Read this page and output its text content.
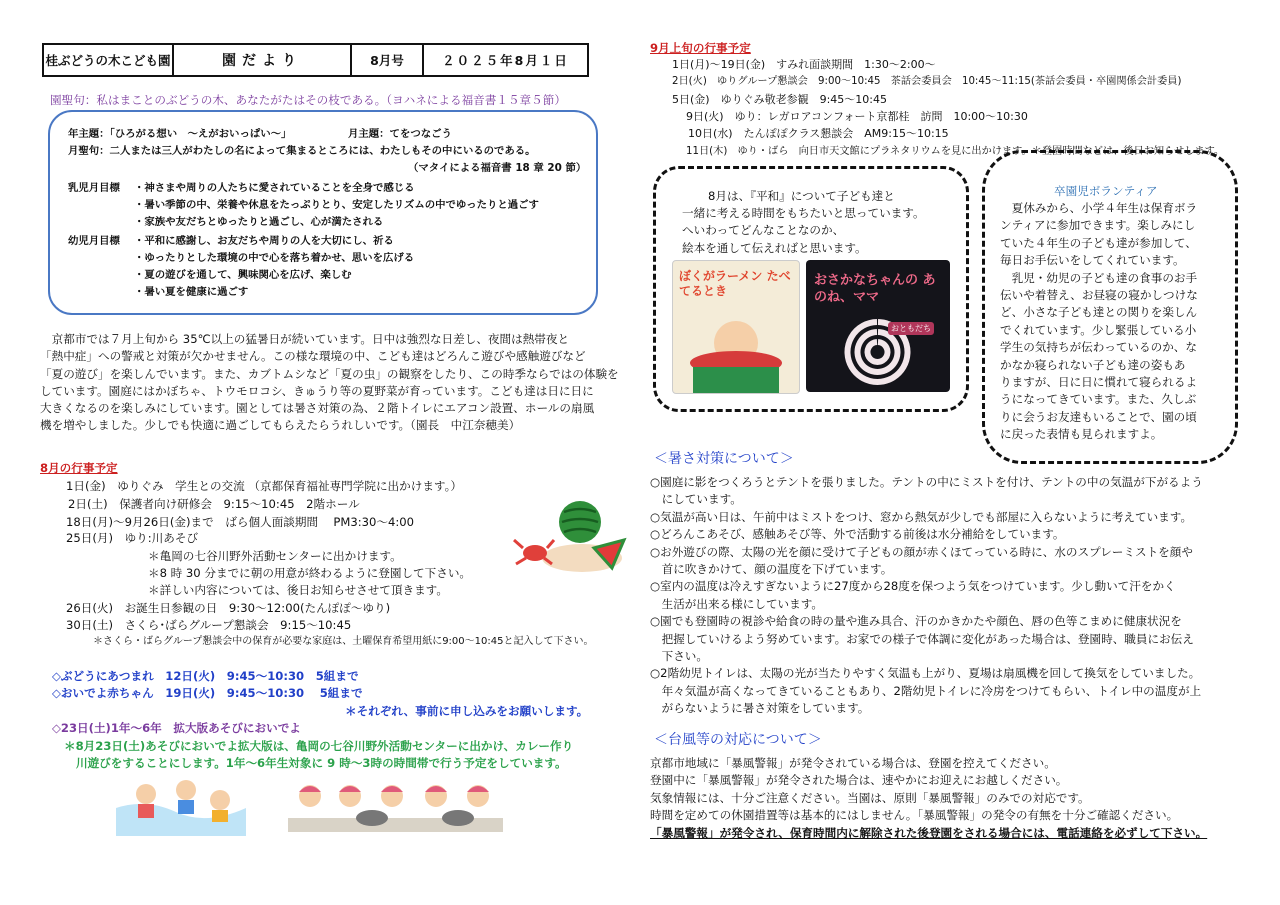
桂ぶどうの木こども園	園だより	8月号	２０２５年8月１日
園聖句：私はまことのぶどうの木、あなたがたはその枝である。（ヨハネによる福音書１５章５節）
年主題：「ひろがる想い　～えがおいっぱい～」	月主題：てをつなごう
月聖句：二人または三人がわたしの名によって集まるところには、わたしもその中にいるのである。
（マタイによる福音書 18 章 20 節）
乳児月目標 ・神さまや周りの人たちに愛されていることを全身で感じる
・暑い季節の中、栄養や休息をたっぷりとり、安定したリズムの中でゆったりと過ごす
・家族や友だちとゆったりと過ごし、心が満たされる
幼児月目標 ・平和に感謝し、お友だちや周りの人を大切にし、祈る
・ゆったりとした環境の中で心を落ち着かせ、思いを広げる
・夏の遊びを通して、興味関心を広げ、楽しむ
・暑い夏を健康に過ごす
　京都市では７月上旬から 35℃以上の猛暑日が続いています。日中は強烈な日差し、夜間は熱帯夜と
「熱中症」への警戒と対策が欠かせません。この様な環境の中、こども達はどろんこ遊びや感触遊びなど
「夏の遊び」を楽しんでいます。また、カブトムシなど「夏の虫」の観察をしたり、この時季ならではの体験を
しています。園庭にはかぼちゃ、トウモロコシ、きゅうり等の夏野菜が育っています。こども達は日に日に
大きくなるのを楽しみにしています。園としては暑さ対策の為、２階トイレにエアコン設置、ホールの扇風
機を増やしました。少しでも快適に過ごしてもらえたらうれしいです。（園長　中江奈穂美）
8月の行事予定
1日(金)　ゆりぐみ　学生との交流 （京都保育福祉専門学院に出かけます。）
2日(土)　保護者向け研修会　9:15～10:45　2階ホール
18日(月)～9月26日(金)まで　ばら個人面談期間　 PM3:30～4:00
25日(月)　ゆり:川あそび
＊亀岡の七谷川野外活動センターに出かけます。
＊8 時 30 分までに朝の用意が終わるように登園して下さい。
＊詳しい内容については、後日お知らせさせて頂きます。
26日(火)　お誕生日参観の日　9:30～12:00(たんぽぽ～ゆり)
30日(土)　さくら･ばらグループ懇談会　9:15～10:45
＊さくら・ばらグループ懇談会中の保育が必要な家庭は、土曜保育希望用紙に9:00～10:45と記入して下さい。
◇ぶどうにあつまれ　12日(火)　9:45～10:30　5組まで
◇おいでよ赤ちゃん　19日(火)　9:45～10:30 　5組まで
＊それぞれ、事前に申し込みをお願いします。
◇23日(土)1年～6年　拡大版あそびにおいでよ
＊8月23日(土)あそびにおいでよ拡大版は、亀岡の七谷川野外活動センターに出かけ、カレー作り
川遊びをすることにします。1年～6年生対象に 9 時～3時の時間帯で行う予定をしています。
9月上旬の行事予定
1日(月)～19日(金)　すみれ面談期間　1:30～2:00～
2日(火)　ゆりグループ懇談会　9:00～10:45　茶話会委員会　10:45～11:15(茶話会委員・卒園関係会計委員)
5日(金)　ゆりぐみ敬老参観　9:45～10:45
9日(火)　ゆり：レガロアコンフォート京都桂　訪問　10:00～10:30
10日(水)　たんぽぽクラス懇談会　AM9:15～10:15
11日(木)　ゆり・ばら　向日市天文館にプラネタリウムを見に出かけます。＊登園時間などは、後日お知らせします。
8月は、『平和』について子ども達と
一緒に考える時間をもちたいと思っています。
へいわってどんなことなのか、
絵本を通して伝えればと思います。
ぼくがラーメン たべてるとき
おさかなちゃんの あのね、ママ
おともだち
卒園児ボランティア
　夏休みから、小学４年生は保育ボラ
ンティアに参加できます。楽しみにし
ていた４年生の子ども達が参加して、
毎日お手伝いをしてくれています。
　乳児・幼児の子ども達の食事のお手
伝いや着替え、お昼寝の寝かしつけな
ど、小さな子ども達との関りを楽しん
でくれています。少し緊張している小
学生の気持ちが伝わっているのか、な
かなか寝られない子ども達の姿もあ
りますが、日に日に慣れて寝られるよ
うになってきています。また、久しぶ
りに会うお友達もいることで、園の頃
に戻った表情も見られますよ。
＜暑さ対策について＞
○園庭に影をつくろうとテントを張りました。テントの中にミストを付け、テントの中の気温が下がるよう
　にしています。
○気温が高い日は、午前中はミストをつけ、窓から熱気が少しでも部屋に入らないように考えています。
○どろんこあそび、感触あそび等、外で活動する前後は水分補給をしています。
○お外遊びの際、太陽の光を顔に受けて子どもの顔が赤くほてっている時に、水のスプレーミストを顔や
　首に吹きかけて、顔の温度を下げています。
○室内の温度は冷えすぎないように27度から28度を保つよう気をつけています。少し動いて汗をかく
　生活が出来る様にしています。
○園でも登園時の視診や給食の時の量や進み具合、汗のかきかたや顔色、唇の色等こまめに健康状況を
　把握していけるよう努めています。お家での様子で体調に変化があった場合は、登園時、職員にお伝え
　下さい。
○2階幼児トイレは、太陽の光が当たりやすく気温も上がり、夏場は扇風機を回して換気をしていました。
　年々気温が高くなってきていることもあり、2階幼児トイレに冷房をつけてもらい、トイレ中の温度が上
　がらないように暑さ対策をしています。
＜台風等の対応について＞
京都市地域に「暴風警報」が発令されている場合は、登園を控えてください。
登園中に「暴風警報」が発令された場合は、速やかにお迎えにお越しください。
気象情報には、十分ご注意ください。当園は、原則「暴風警報」のみでの対応です。
時間を定めての休園措置等は基本的にはしません。「暴風警報」の発令の有無を十分ご確認ください。
「暴風警報」が発令され、保育時間内に解除された後登園をされる場合には、電話連絡を必ずして下さい。
